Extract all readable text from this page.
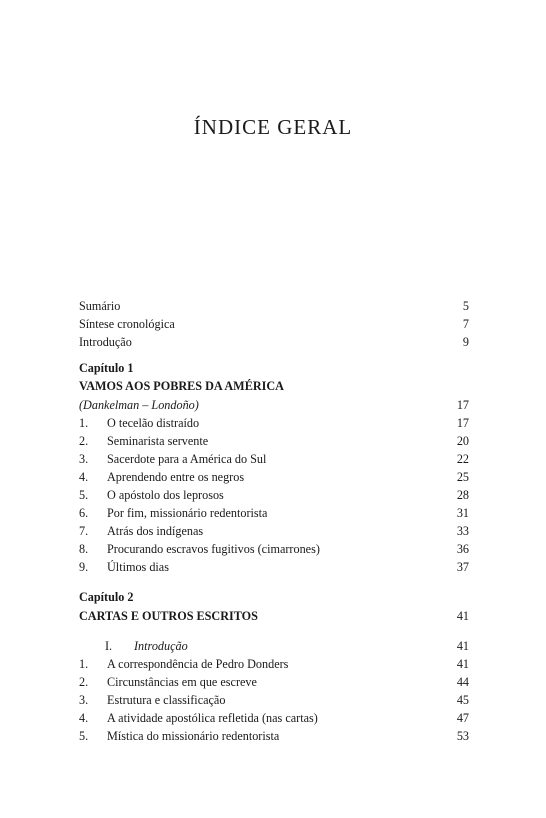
ÍNDICE GERAL
Sumário	5
Síntese cronológica	7
Introdução	9
Capítulo 1
VAMOS AOS POBRES DA AMÉRICA
(Dankelman – Londoño)	17
1.	O tecelão distraído	17
2.	Seminarista servente	20
3.	Sacerdote para a América do Sul	22
4.	Aprendendo entre os negros	25
5.	O apóstolo dos leprosos	28
6.	Por fim, missionário redentorista	31
7.	Atrás dos indígenas	33
8.	Procurando escravos fugitivos (cimarrones)	36
9.	Últimos dias	37
Capítulo 2
CARTAS E OUTROS ESCRITOS	41
I.	Introdução	41
1.	A correspondência de Pedro Donders	41
2.	Circunstâncias em que escreve	44
3.	Estrutura e classificação	45
4.	A atividade apostólica refletida (nas cartas)	47
5.	Mística do missionário redentorista	53
